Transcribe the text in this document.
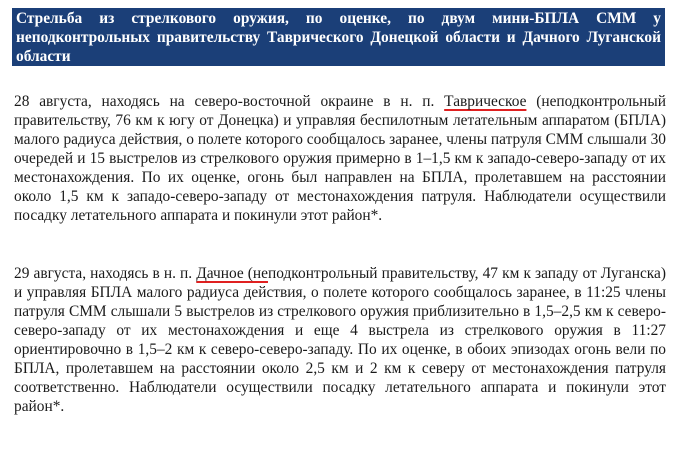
Стрельба из стрелкового оружия, по оценке, по двум мини-БПЛА СММ у неподконтрольных правительству Таврического Донецкой области и Дачного Луганской области

28 августа, находясь на северо-восточной окраине в н. п. Таврическое (неподконтрольный правительству, 76 км к югу от Донецка) и управляя беспилотным летательным аппаратом (БПЛА) малого радиуса действия, о полете которого сообщалось заранее, члены патруля СММ слышали 30 очередей и 15 выстрелов из стрелкового оружия примерно в 1–1,5 км к западо-северо-западу от их местонахождения. По их оценке, огонь был направлен на БПЛА, пролетавшем на расстоянии около 1,5 км к западо-северо-западу от местонахождения патруля. Наблюдатели осуществили посадку летательного аппарата и покинули этот район*.

29 августа, находясь в н. п. Дачное (неподконтрольный правительству, 47 км к западу от Луганска) и управляя БПЛА малого радиуса действия, о полете которого сообщалось заранее, в 11:25 члены патруля СММ слышали 5 выстрелов из стрелкового оружия приблизительно в 1,5–2,5 км к северо-северо-западу от их местонахождения и еще 4 выстрела из стрелкового оружия в 11:27 ориентировочно в 1,5–2 км к северо-северо-западу. По их оценке, в обоих эпизодах огонь вели по БПЛА, пролетавшем на расстоянии около 2,5 км и 2 км к северу от местонахождения патруля соответственно. Наблюдатели осуществили посадку летательного аппарата и покинули этот район*.
